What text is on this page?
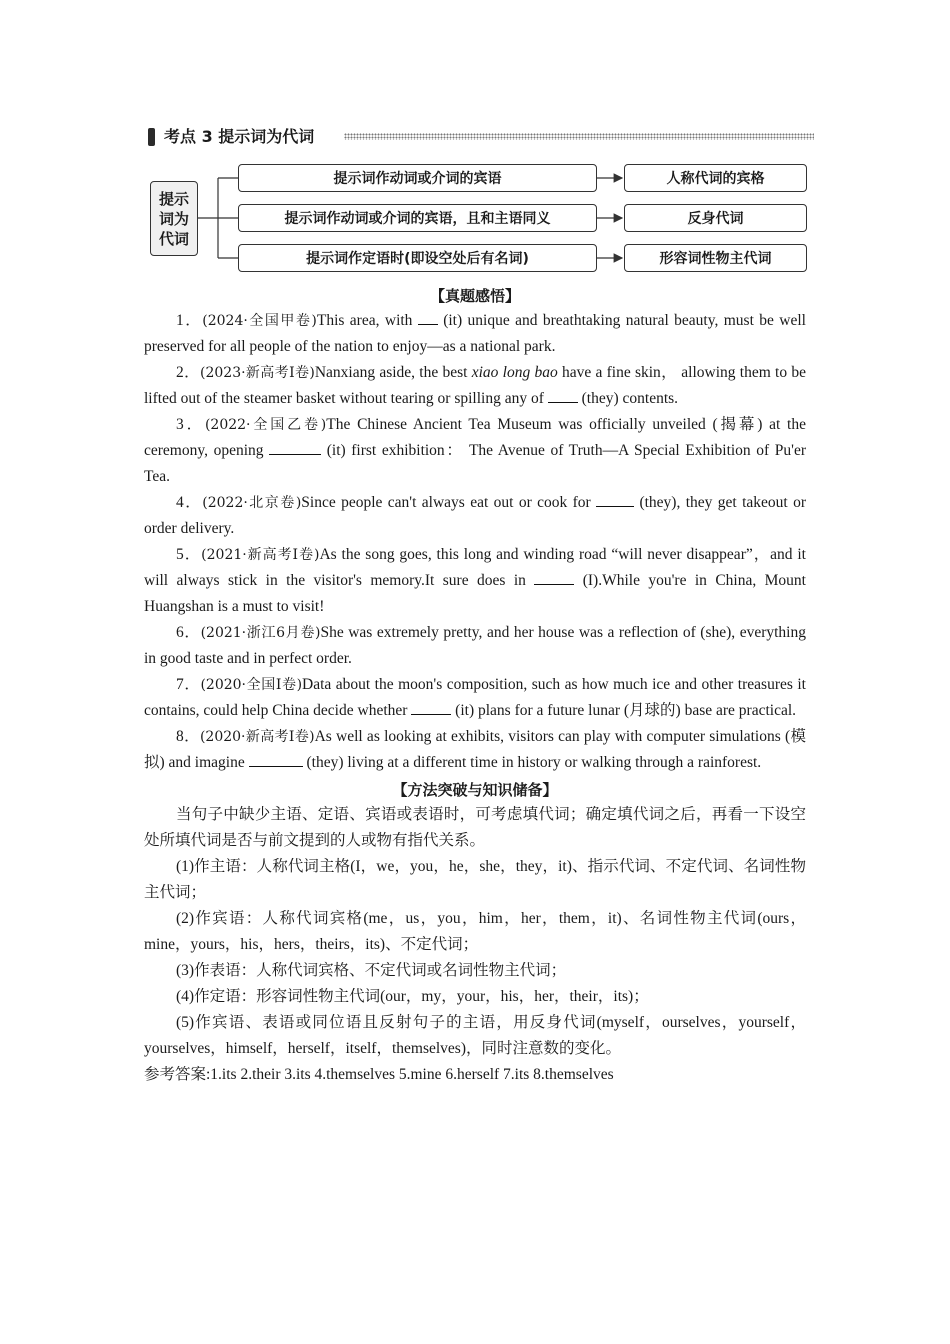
考点 3 提示词为代词
提示
词为
代词
提示词作动词或介词的宾语
提示词作动词或介词的宾语，且和主语同义
提示词作定语时(即设空处后有名词)
人称代词的宾格
反身代词
形容词性物主代词

【真题感悟】

1．(2024·全国甲卷)This area, with  (it) unique and breathtaking natural beauty, must be well preserved for all people of the nation to enjoy—as a national park.

2．(2023·新高考Ⅰ卷)Nanxiang aside, the best xiao long bao have a fine skin， allowing them to be lifted out of the steamer basket without tearing or spilling any of  (they) contents.

3．(2022·全国乙卷)The Chinese Ancient Tea Museum was officially unveiled (揭幕) at the ceremony, opening	(it) first exhibition： The Avenue of Truth—A Special Exhibition of Pu'er Tea.

4．(2022·北京卷)Since people can't always eat out or cook for  (they), they get takeout or order delivery.

5．(2021·新高考Ⅰ卷)As the song goes, this long and winding road “will never disappear”，and it will always stick in the visitor's memory.It sure does in	(I).While you're in China, Mount Huangshan is a must to visit!

6．(2021·浙江6月卷)She was extremely pretty, and her house was a reflection of (she), everything in good taste and in perfect order.

7．(2020·全国Ⅰ卷)Data about the moon's composition, such as how much ice and other treasures it contains, could help China decide whether	(it) plans for a future lunar (月球的) base are practical.

8．(2020·新高考Ⅰ卷)As well as looking at exhibits, visitors can play with computer simulations (模拟) and imagine	(they) living at a different time in history or walking through a rainforest.

【方法突破与知识储备】

当句子中缺少主语、定语、宾语或表语时，可考虑填代词；确定填代词之后，再看一下设空处所填代词是否与前文提到的人或物有指代关系。

(1)作主语：人称代词主格(I，we，you，he，she，they，it)、指示代词、不定代词、名词性物主代词；

(2)作宾语：人称代词宾格(me，us，you，him，her，them，it)、名词性物主代词(ours，mine，yours，his，hers，theirs，its)、不定代词；

(3)作表语：人称代词宾格、不定代词或名词性物主代词；

(4)作定语：形容词性物主代词(our，my，your，his，her，their，its)；

(5)作宾语、表语或同位语且反射句子的主语，用反身代词(myself，ourselves，yourself，yourselves，himself，herself，itself，themselves)，同时注意数的变化。

参考答案:1.its 2.their 3.its 4.themselves 5.mine 6.herself 7.its 8.themselves
